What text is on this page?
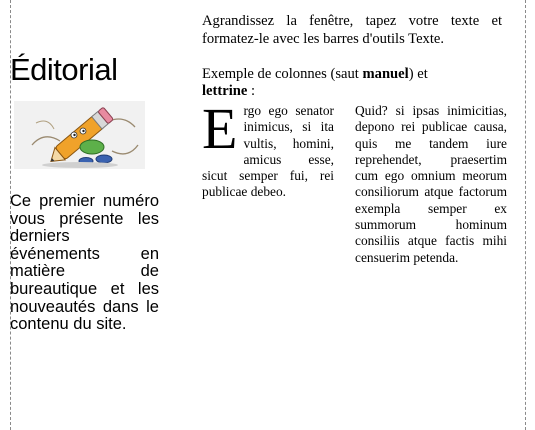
Éditorial

Ce premier numéro vous présente les derniers événements en matière de bureautique et les nouveautés dans le contenu du site.

Agrandissez la fenêtre, tapez votre texte et formatez-le avec les barres d'outils Texte.

Exemple de colonnes (saut manuel) et
lettrine :

E rgo ego senator inimicus, si ita vultis, homini, amicus esse, sicut semper fui, rei publicae debeo.

Quid? si ipsas inimicitias, depono rei publicae causa, quis me tandem iure reprehendet, praesertim cum ego omnium meorum consiliorum atque factorum exempla semper ex summorum hominum consiliis atque factis mihi censuerim petenda.
